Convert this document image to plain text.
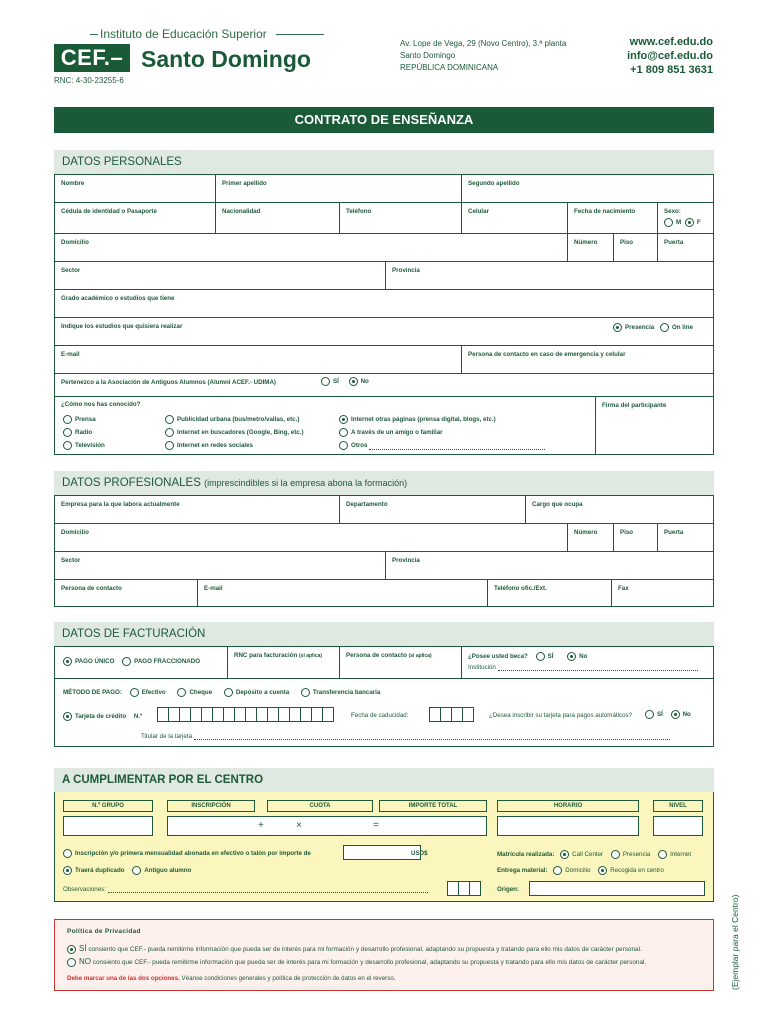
Instituto de Educación Superior
CEF.– Santo Domingo
RNC: 4-30-23255-6
Av. Lope de Vega, 29 (Novo Centro), 3.ª planta
Santo Domingo
REPÚBLICA DOMINICANA
www.cef.edu.do
info@cef.edu.do
+1 809 851 3631
CONTRATO DE ENSEÑANZA
DATOS PERSONALES
Nombre	Primer apellido	Segundo apellido
Cédula de identidad o Pasaporte	Nacionalidad	Teléfono	Celular	Fecha de nacimiento	Sexo:
M	F
Domicilio	Número	Piso	Puerta
Sector	Provincia
Grado académico o estudios que tiene
Indique los estudios que quisiera realizar	Presencia	On line
E-mail	Persona de contacto en caso de emergencia y celular
Pertenezco a la Asociación de Antiguos Alumnos (Alumni ACEF.- UDIMA)	SÍ	No
¿Cómo nos has conocido?	Firma del participante
Prensa	Publicidad urbana (bus/metro/vallas, etc.)	Internet otras páginas (prensa digital, blogs, etc.)
Radio	Internet en buscadores (Google, Bing, etc.)	A través de un amigo o familiar
Televisión	Internet en redes sociales	Otros
DATOS PROFESIONALES (imprescindibles si la empresa abona la formación)
Empresa para la que labora actualmente	Departamento	Cargo que ocupa
Domicilio	Número	Piso	Puerta
Sector	Provincia
Persona de contacto	E-mail	Teléfono ofic./Ext.	Fax
DATOS DE FACTURACIÓN
PAGO ÚNICO	PAGO FRACCIONADO
RNC para facturación (si aplica)	Persona de contacto (si aplica)	¿Posee usted beca?	SÍ	No
Institución
MÉTODO DE PAGO:	Efectivo	Cheque	Depósito a cuenta	Transferencia bancaria
Tarjeta de crédito N.º	Fecha de caducidad:	¿Desea inscribir su tarjeta para pagos automáticos?	SÍ	No
Titular de la tarjeta
A CUMPLIMENTAR POR EL CENTRO
N.º GRUPO	INSCRIPCIÓN	CUOTA	IMPORTE TOTAL	HORARIO	NIVEL
+	×	=
Inscripción y/o primera mensualidad abonada en efectivo o talón por importe de	USD$
Traerá duplicado	Antiguo alumno
Observaciones:
Matrícula realizada:	Call Center	Presencia	Internet
Entrega material:	Domicilio	Recogida en centro
Origen:
Política de Privacidad
SÍ consiento que CEF.- pueda remitirme información que pueda ser de interés para mi formación y desarrollo profesional, adaptando su propuesta y tratando para ello mis datos de carácter personal.
NO consiento que CEF.- pueda remitirme información que pueda ser de interés para mi formación y desarrollo profesional, adaptando su propuesta y tratando para ello mis datos de carácter personal.
Debe marcar una de las dos opciones. Véanse condiciones generales y política de protección de datos en el reverso.	(Ejemplar para el Centro)
